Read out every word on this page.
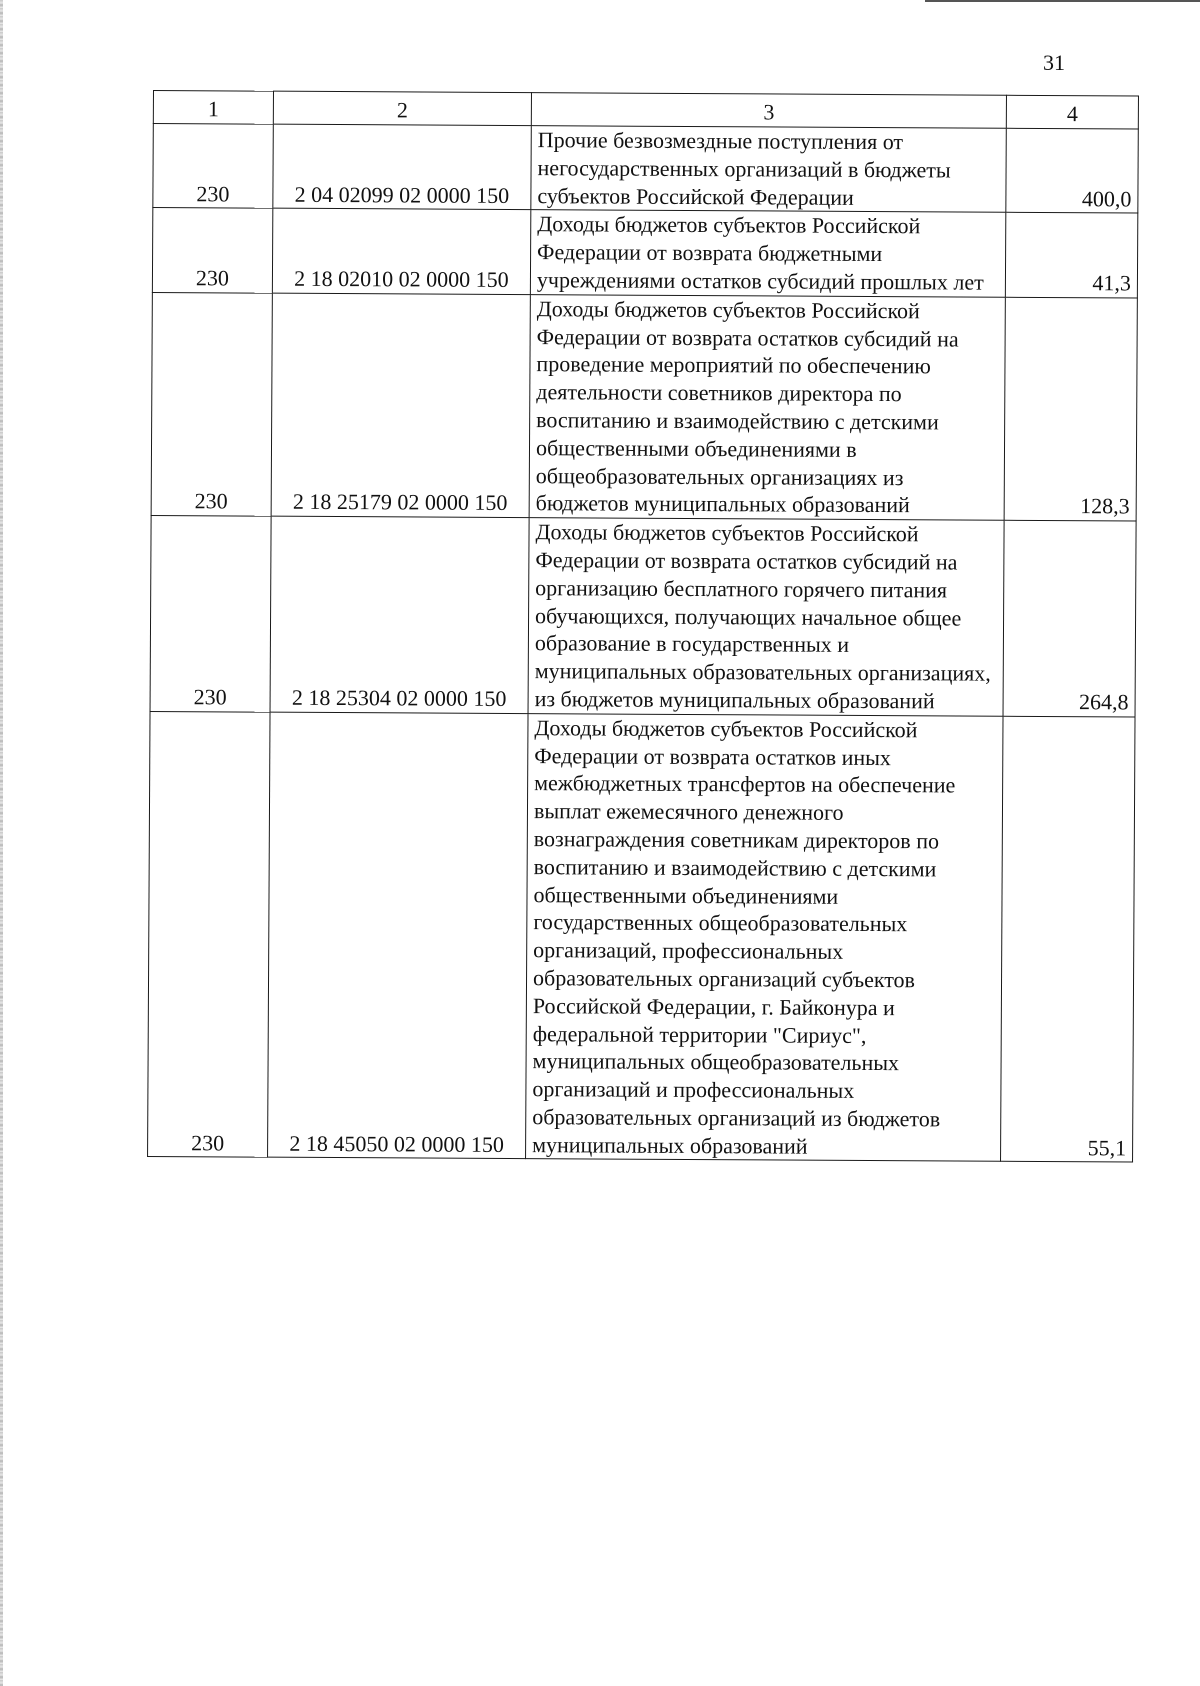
31
1	2	3	4
230	2 04 02099 02 0000 150	Прочие безвозмездные поступления от негосударственных организаций в бюджеты субъектов Российской Федерации	400,0
230	2 18 02010 02 0000 150	Доходы бюджетов субъектов Российской Федерации от возврата бюджетными учреждениями остатков субсидий прошлых лет	41,3
230	2 18 25179 02 0000 150	Доходы бюджетов субъектов Российской Федерации от возврата остатков субсидий на проведение мероприятий по обеспечению деятельности советников директора по воспитанию и взаимодействию с детскими общественными объединениями в общеобразовательных организациях из бюджетов муниципальных образований	128,3
230	2 18 25304 02 0000 150	Доходы бюджетов субъектов Российской Федерации от возврата остатков субсидий на организацию бесплатного горячего питания обучающихся, получающих начальное общее образование в государственных и муниципальных образовательных организациях, из бюджетов муниципальных образований	264,8
230	2 18 45050 02 0000 150	Доходы бюджетов субъектов Российской Федерации от возврата остатков иных межбюджетных трансфертов на обеспечение выплат ежемесячного денежного вознаграждения советникам директоров по воспитанию и взаимодействию с детскими общественными объединениями государственных общеобразовательных организаций, профессиональных образовательных организаций субъектов Российской Федерации, г. Байконура и федеральной территории "Сириус", муниципальных общеобразовательных организаций и профессиональных образовательных организаций из бюджетов муниципальных образований	55,1
